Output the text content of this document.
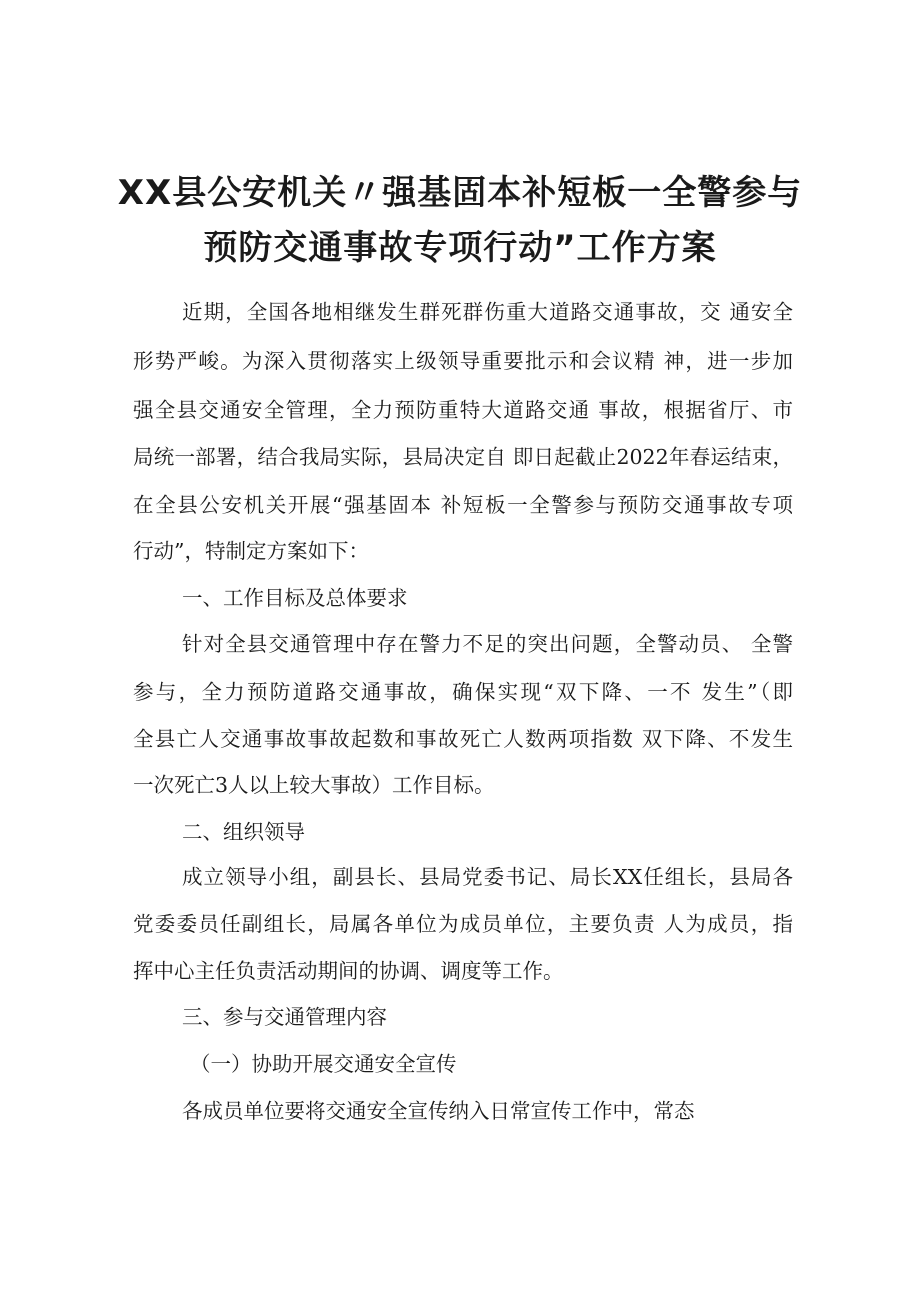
XX县公安机关〃强基固本补短板一全警参与
预防交通事故专项行动”工作方案
近期，全国各地相继发生群死群伤重大道路交通事故，交 通安全
形势严峻。为深入贯彻落实上级领导重要批示和会议精 神，进一步加
强全县交通安全管理，全力预防重特大道路交通 事故，根据省厅、市
局统一部署，结合我局实际，县局决定自 即日起截止2022年春运结束，
在全县公安机关开展“强基固本 补短板一全警参与预防交通事故专项
行动”，特制定方案如下：
一、工作目标及总体要求
针对全县交通管理中存在警力不足的突出问题，全警动员、 全警
参与，全力预防道路交通事故，确保实现“双下降、一不 发生”（即
全县亡人交通事故事故起数和事故死亡人数两项指数 双下降、不发生
一次死亡3人以上较大事故）工作目标。
二、组织领导
成立领导小组，副县长、县局党委书记、局长XX任组长，县局各
党委委员任副组长，局属各单位为成员单位，主要负责 人为成员，指
挥中心主任负责活动期间的协调、调度等工作。
三、参与交通管理内容
（一）协助开展交通安全宣传
各成员单位要将交通安全宣传纳入日常宣传工作中，常态
